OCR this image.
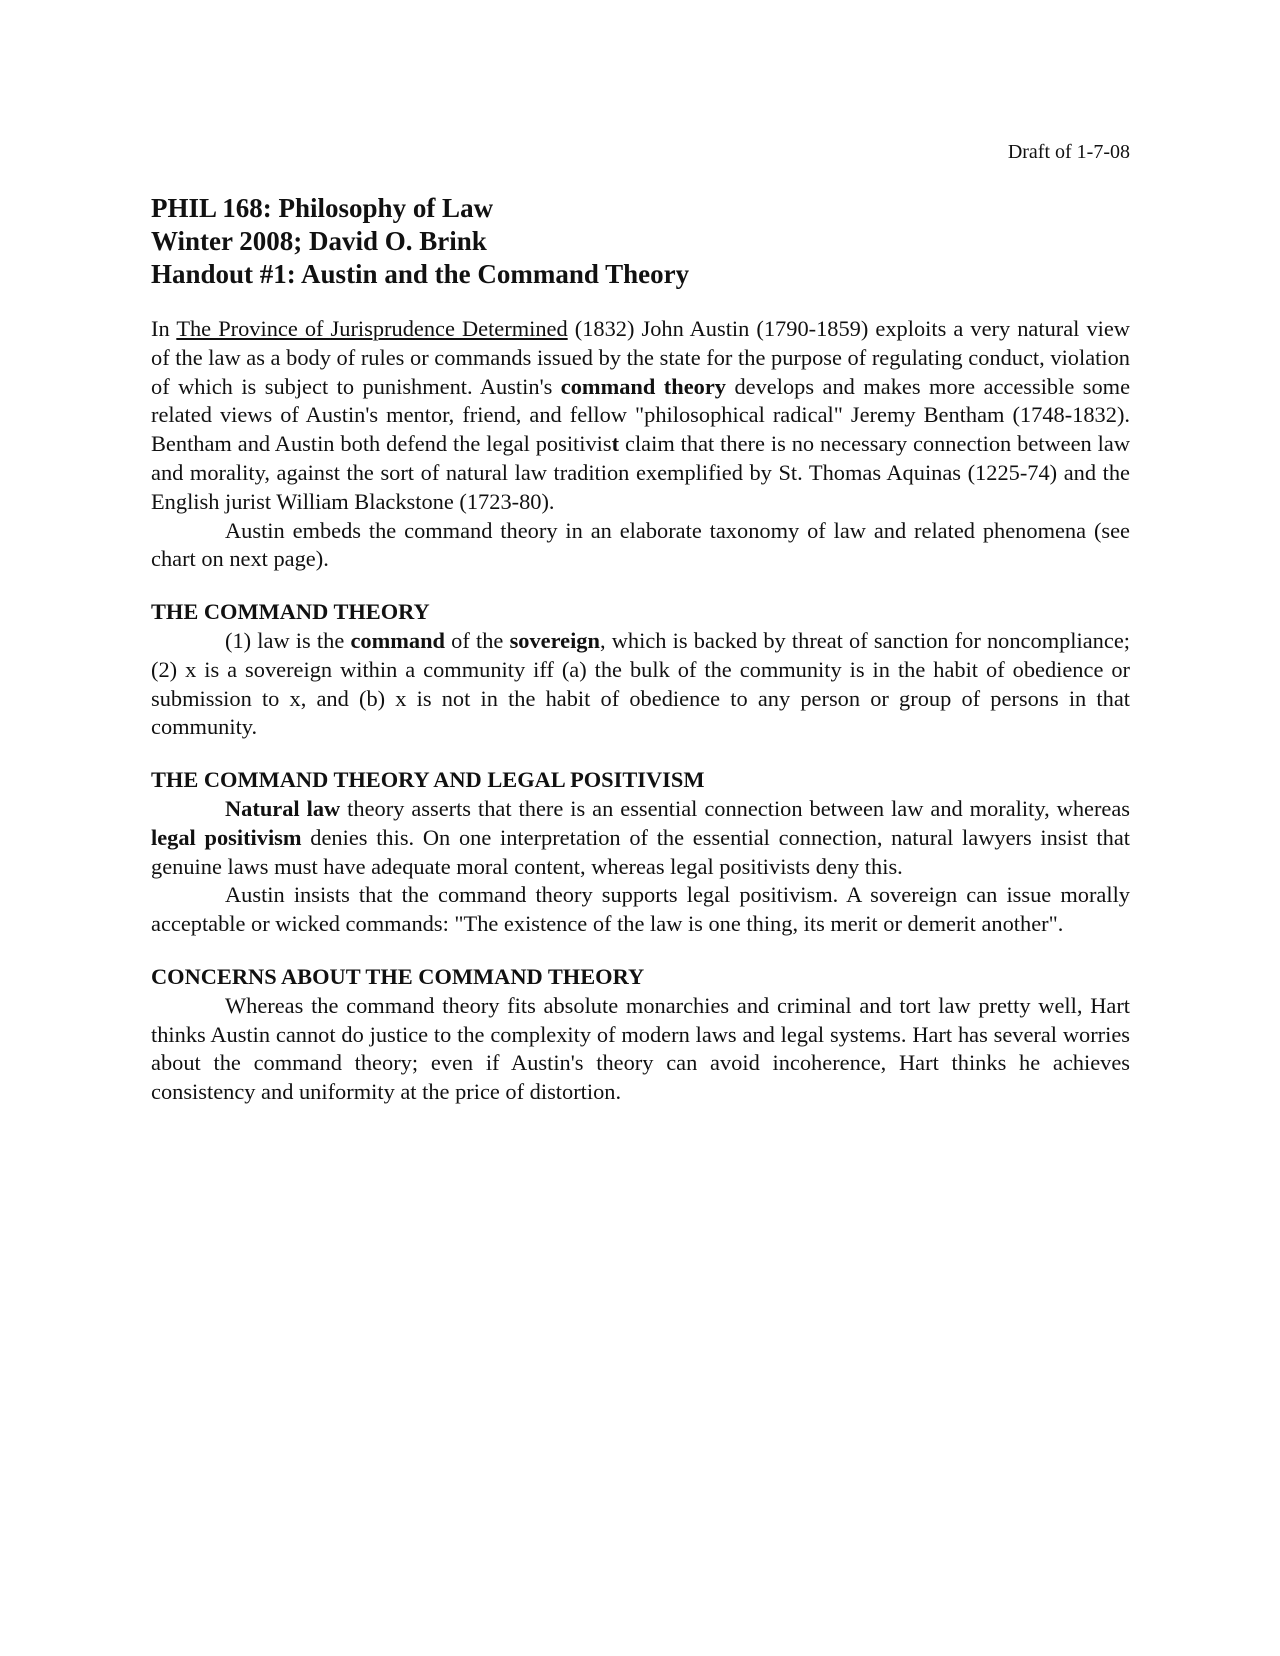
Draft of 1-7-08
PHIL 168: Philosophy of Law
Winter 2008; David O. Brink
Handout #1: Austin and the Command Theory

In The Province of Jurisprudence Determined (1832) John Austin (1790-1859) exploits a very natural view of the law as a body of rules or commands issued by the state for the purpose of regulating conduct, violation of which is subject to punishment. Austin's command theory develops and makes more accessible some related views of Austin's mentor, friend, and fellow "philosophical radical" Jeremy Bentham (1748-1832). Bentham and Austin both defend the legal positivist claim that there is no necessary connection between law and morality, against the sort of natural law tradition exemplified by St. Thomas Aquinas (1225-74) and the English jurist William Blackstone (1723-80).

Austin embeds the command theory in an elaborate taxonomy of law and related phenomena (see chart on next page).

THE COMMAND THEORY

(1) law is the command of the sovereign, which is backed by threat of sanction for noncompliance; (2) x is a sovereign within a community iff (a) the bulk of the community is in the habit of obedience or submission to x, and (b) x is not in the habit of obedience to any person or group of persons in that community.

THE COMMAND THEORY AND LEGAL POSITIVISM

Natural law theory asserts that there is an essential connection between law and morality, whereas legal positivism denies this. On one interpretation of the essential connection, natural lawyers insist that genuine laws must have adequate moral content, whereas legal positivists deny this.

Austin insists that the command theory supports legal positivism. A sovereign can issue morally acceptable or wicked commands: "The existence of the law is one thing, its merit or demerit another".

CONCERNS ABOUT THE COMMAND THEORY

Whereas the command theory fits absolute monarchies and criminal and tort law pretty well, Hart thinks Austin cannot do justice to the complexity of modern laws and legal systems. Hart has several worries about the command theory; even if Austin's theory can avoid incoherence, Hart thinks he achieves consistency and uniformity at the price of distortion.
